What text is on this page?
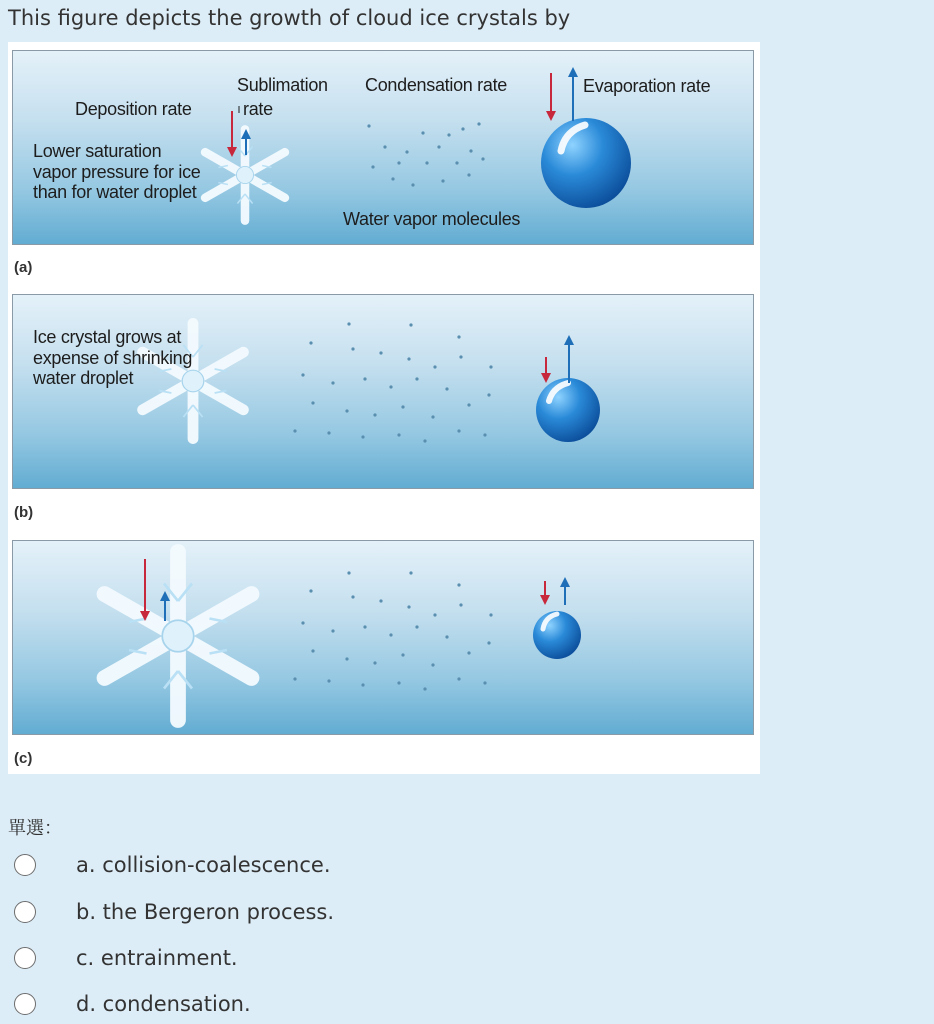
This figure depicts the growth of cloud ice crystals by
Sublimation
Deposition rate	rate
Condensation rate	Evaporation rate
Lower saturation vapor pressure for ice than for water droplet
Water vapor molecules
(a)
Ice crystal grows at expense of shrinking water droplet
(b)
(c)
單選：
a. collision-coalescence.
b. the Bergeron process.
c. entrainment.
d. condensation.
